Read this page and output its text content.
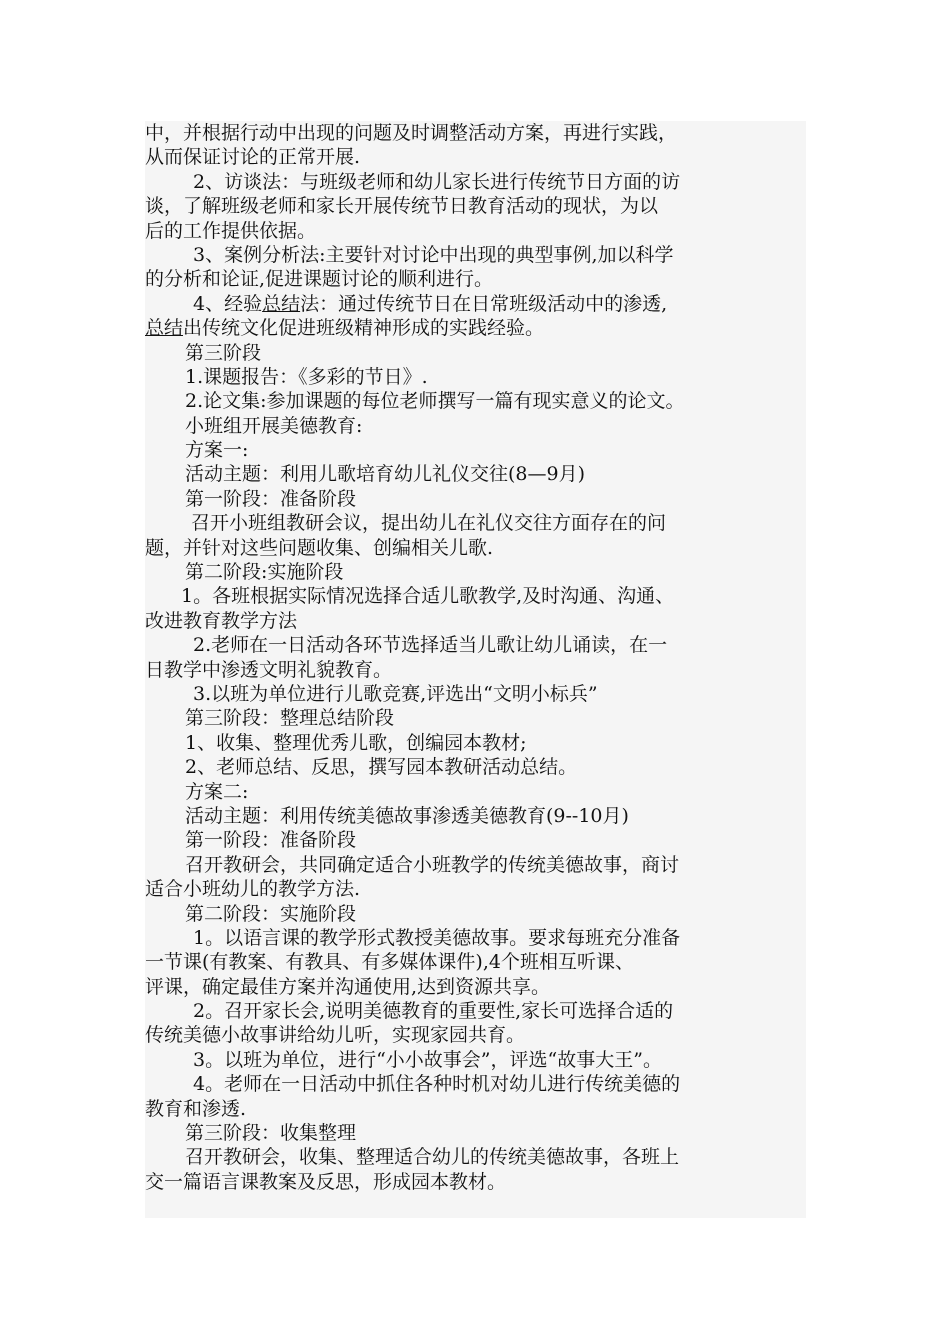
中，并根据行动中出现的问题及时调整活动方案，再进行实践，
从而保证讨论的正常开展.
2、访谈法：与班级老师和幼儿家长进行传统节日方面的访
谈，了解班级老师和家长开展传统节日教育活动的现状，为以
后的工作提供依据。
3、案例分析法:主要针对讨论中出现的典型事例,加以科学
的分析和论证,促进课题讨论的顺利进行。
4、经验总结法：通过传统节日在日常班级活动中的渗透,
总结出传统文化促进班级精神形成的实践经验。
第三阶段
1.课题报告：《多彩的节日》.
2.论文集:参加课题的每位老师撰写一篇有现实意义的论文。
小班组开展美德教育:
方案一:
活动主题：利用儿歌培育幼儿礼仪交往(8—9月)
第一阶段：准备阶段
召开小班组教研会议，提出幼儿在礼仪交往方面存在的问
题，并针对这些问题收集、创编相关儿歌.
第二阶段:实施阶段
1。各班根据实际情况选择合适儿歌教学,及时沟通、沟通、
改进教育教学方法
2.老师在一日活动各环节选择适当儿歌让幼儿诵读，在一
日教学中渗透文明礼貌教育。
3.以班为单位进行儿歌竞赛,评选出“文明小标兵”
第三阶段：整理总结阶段
1、收集、整理优秀儿歌，创编园本教材;
2、老师总结、反思，撰写园本教研活动总结。
方案二:
活动主题：利用传统美德故事渗透美德教育(9--10月)
第一阶段：准备阶段
召开教研会，共同确定适合小班教学的传统美德故事，商讨
适合小班幼儿的教学方法.
第二阶段：实施阶段
1。以语言课的教学形式教授美德故事。要求每班充分准备
一节课(有教案、有教具、有多媒体课件),4个班相互听课、
评课，确定最佳方案并沟通使用,达到资源共享。
2。召开家长会,说明美德教育的重要性,家长可选择合适的
传统美德小故事讲给幼儿听，实现家园共育。
3。以班为单位，进行“小小故事会”，评选“故事大王”。
4。老师在一日活动中抓住各种时机对幼儿进行传统美德的
教育和渗透.
第三阶段：收集整理
召开教研会，收集、整理适合幼儿的传统美德故事，各班上
交一篇语言课教案及反思，形成园本教材。
